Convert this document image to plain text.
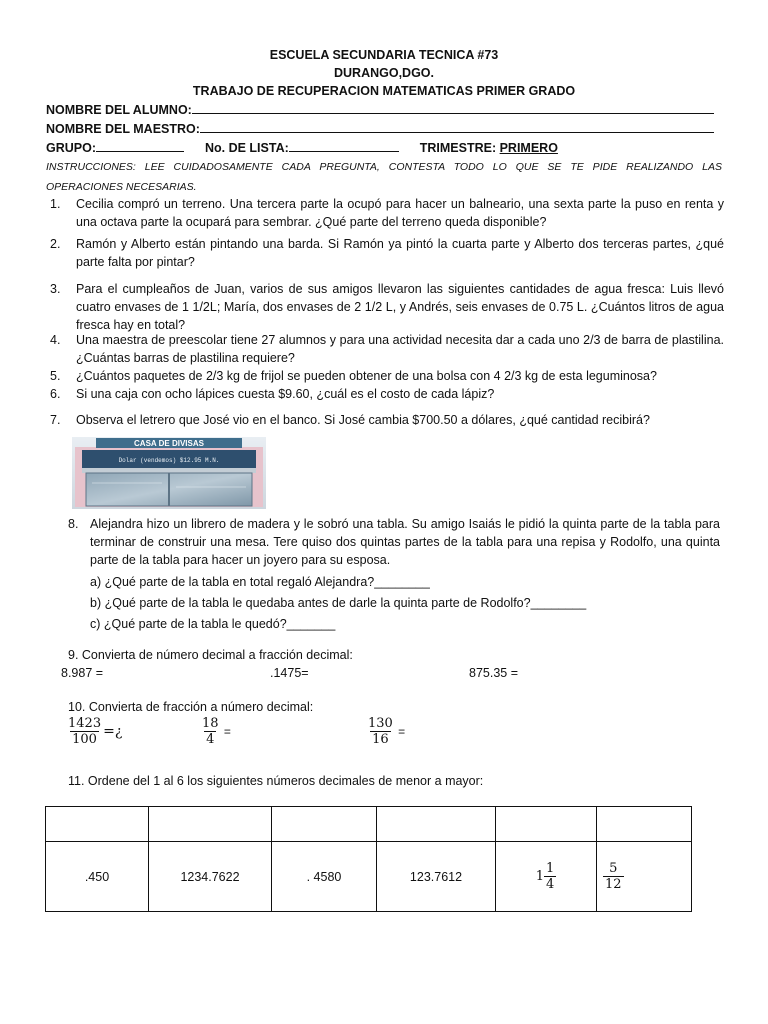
ESCUELA SECUNDARIA TECNICA #73
DURANGO,DGO.
TRABAJO DE RECUPERACION MATEMATICAS PRIMER GRADO
NOMBRE DEL ALUMNO:
NOMBRE DEL MAESTRO:
GRUPO:	No. DE LISTA:	TRIMESTRE: PRIMERO
INSTRUCCIONES: LEE CUIDADOSAMENTE CADA PREGUNTA, CONTESTA TODO LO QUE SE TE PIDE REALIZANDO LAS OPERACIONES NECESARIAS.
1. Cecilia compró un terreno. Una tercera parte la ocupó para hacer un balneario, una sexta parte la puso en renta y una octava parte la ocupará para sembrar. ¿Qué parte del terreno queda disponible?
2. Ramón y Alberto están pintando una barda. Si Ramón ya pintó la cuarta parte y Alberto dos terceras partes, ¿qué parte falta por pintar?
3. Para el cumpleaños de Juan, varios de sus amigos llevaron las siguientes cantidades de agua fresca: Luis llevó cuatro envases de 1 1/2L; María, dos envases de 2 1/2 L, y Andrés, seis envases de 0.75 L. ¿Cuántos litros de agua fresca hay en total?
4. Una maestra de preescolar tiene 27 alumnos y para una actividad necesita dar a cada uno 2/3 de barra de plastilina. ¿Cuántas barras de plastilina requiere?
5. ¿Cuántos paquetes de 2/3 kg de frijol se pueden obtener de una bolsa con 4 2/3 kg de esta leguminosa?
6. Si una caja con ocho lápices cuesta $9.60, ¿cuál es el costo de cada lápiz?
7. Observa el letrero que José vio en el banco. Si José cambia $700.50 a dólares, ¿qué cantidad recibirá?
CASA DE DIVISAS
Dolar (vendemos) $12.95 M.N.
8. Alejandra hizo un librero de madera y le sobró una tabla. Su amigo Isaiás le pidió la quinta parte de la tabla para terminar de construir una mesa. Tere quiso dos quintas partes de la tabla para una repisa y Rodolfo, una quinta parte de la tabla para hacer un joyero para su esposa.
a) ¿Qué parte de la tabla en total regaló Alejandra?________
b) ¿Qué parte de la tabla le quedaba antes de darle la quinta parte de Rodolfo?________
c) ¿Qué parte de la tabla le quedó?_______
9. Convierta de número decimal a fracción decimal:
8.987 =	.1475=	875.35 =
10. Convierta de fracción a número decimal:
$\frac{1423}{100}$ =¿	$\frac{18}{4}$ =	$\frac{130}{16}$ =
11. Ordene del 1 al 6 los siguientes números decimales de menor a mayor:

.450	1234.7622	. 4580	123.7612	$1 \frac{1}{4}$	$\frac{5}{12}$
